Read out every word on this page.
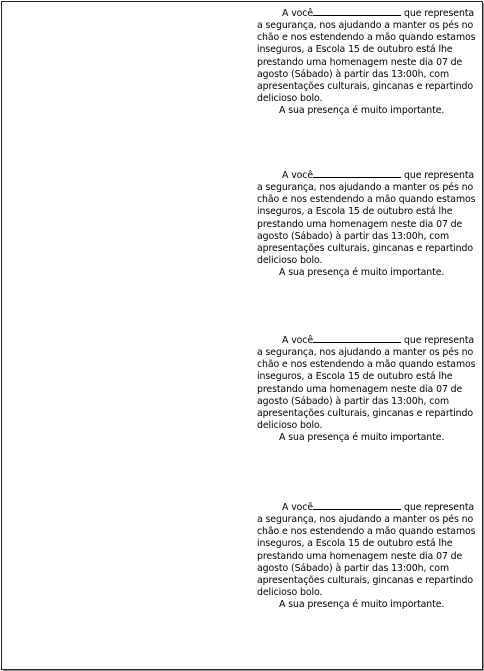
A você	que representa
a segurança, nos ajudando a manter os pés no
chão e nos estendendo a mão quando estamos
inseguros, a Escola 15 de outubro está lhe
prestando uma homenagem neste dia 07 de
agosto (Sábado) à partir das 13:00h, com
apresentações culturais, gincanas e repartindo
delicioso bolo.
A sua presença é muito importante.
A você	que representa
a segurança, nos ajudando a manter os pés no
chão e nos estendendo a mão quando estamos
inseguros, a Escola 15 de outubro está lhe
prestando uma homenagem neste dia 07 de
agosto (Sábado) à partir das 13:00h, com
apresentações culturais, gincanas e repartindo
delicioso bolo.
A sua presença é muito importante.
A você	que representa
a segurança, nos ajudando a manter os pés no
chão e nos estendendo a mão quando estamos
inseguros, a Escola 15 de outubro está lhe
prestando uma homenagem neste dia 07 de
agosto (Sábado) à partir das 13:00h, com
apresentações culturais, gincanas e repartindo
delicioso bolo.
A sua presença é muito importante.
A você	que representa
a segurança, nos ajudando a manter os pés no
chão e nos estendendo a mão quando estamos
inseguros, a Escola 15 de outubro está lhe
prestando uma homenagem neste dia 07 de
agosto (Sábado) à partir das 13:00h, com
apresentações culturais, gincanas e repartindo
delicioso bolo.
A sua presença é muito importante.
